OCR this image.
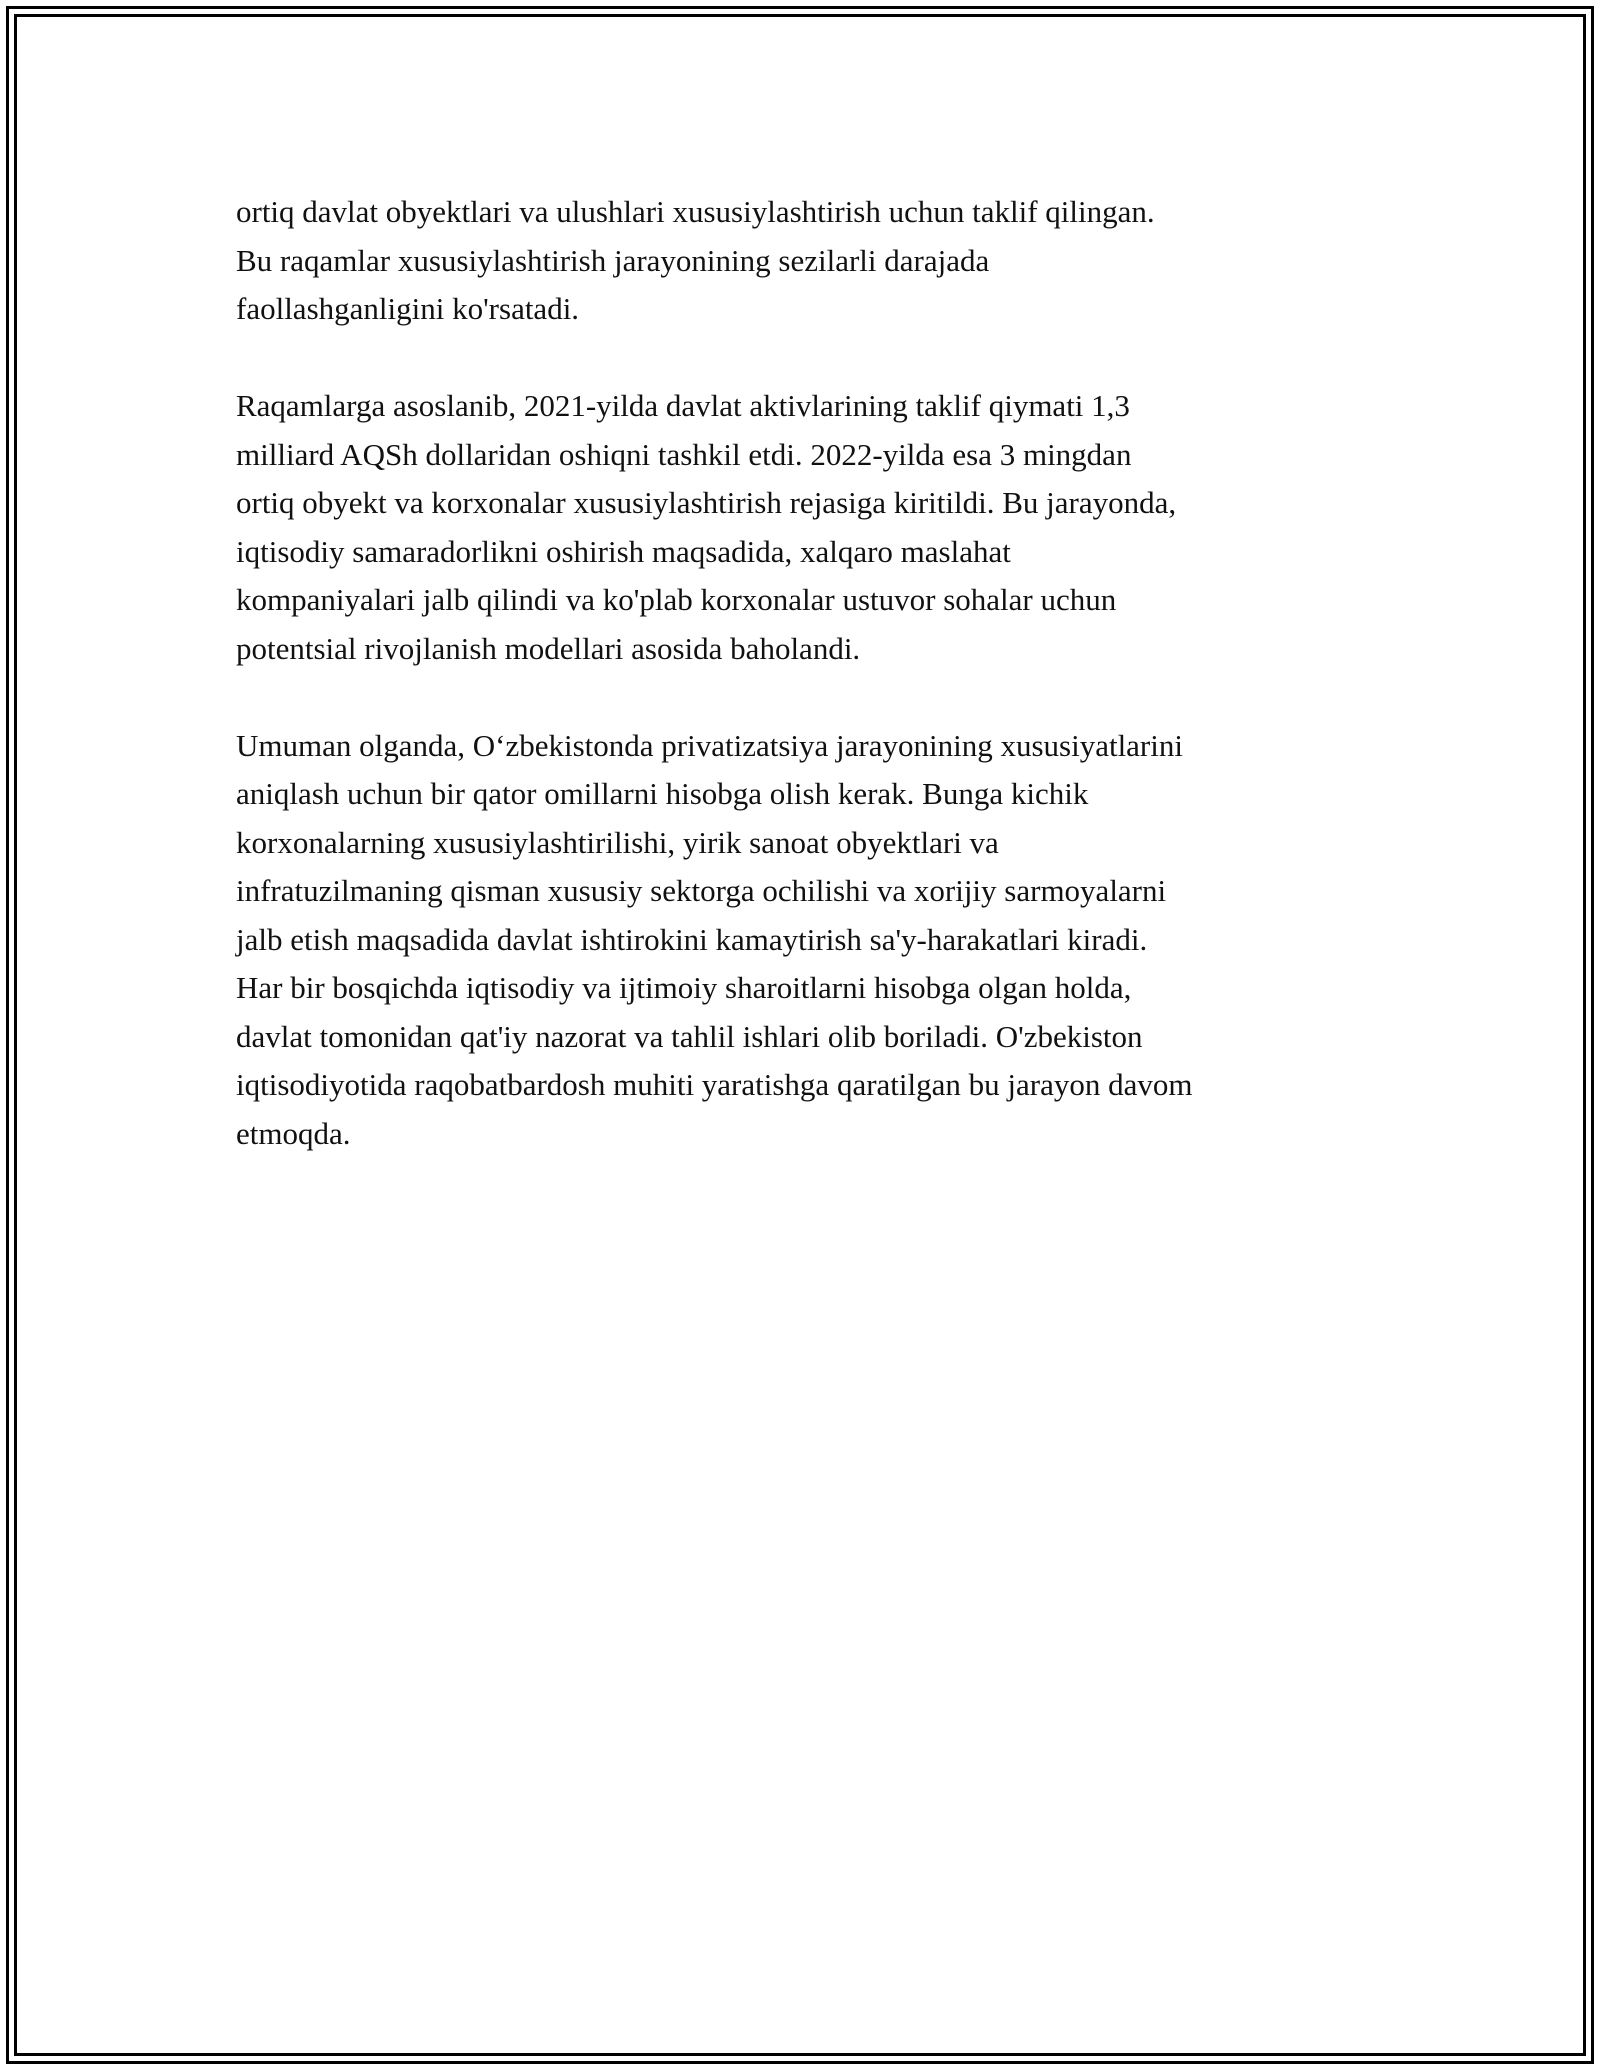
ortiq davlat obyektlari va ulushlari xususiylashtirish uchun taklif qilingan.
Bu raqamlar xususiylashtirish jarayonining sezilarli darajada
faollashganligini ko'rsatadi.

Raqamlarga asoslanib, 2021-yilda davlat aktivlarining taklif qiymati 1,3
milliard AQSh dollaridan oshiqni tashkil etdi. 2022-yilda esa 3 mingdan
ortiq obyekt va korxonalar xususiylashtirish rejasiga kiritildi. Bu jarayonda,
iqtisodiy samaradorlikni oshirish maqsadida, xalqaro maslahat
kompaniyalari jalb qilindi va ko'plab korxonalar ustuvor sohalar uchun
potentsial rivojlanish modellari asosida baholandi.

Umuman olganda, O‘zbekistonda privatizatsiya jarayonining xususiyatlarini
aniqlash uchun bir qator omillarni hisobga olish kerak. Bunga kichik
korxonalarning xususiylashtirilishi, yirik sanoat obyektlari va
infratuzilmaning qisman xususiy sektorga ochilishi va xorijiy sarmoyalarni
jalb etish maqsadida davlat ishtirokini kamaytirish sa'y-harakatlari kiradi.
Har bir bosqichda iqtisodiy va ijtimoiy sharoitlarni hisobga olgan holda,
davlat tomonidan qat'iy nazorat va tahlil ishlari olib boriladi. O'zbekiston
iqtisodiyotida raqobatbardosh muhiti yaratishga qaratilgan bu jarayon davom
etmoqda.
